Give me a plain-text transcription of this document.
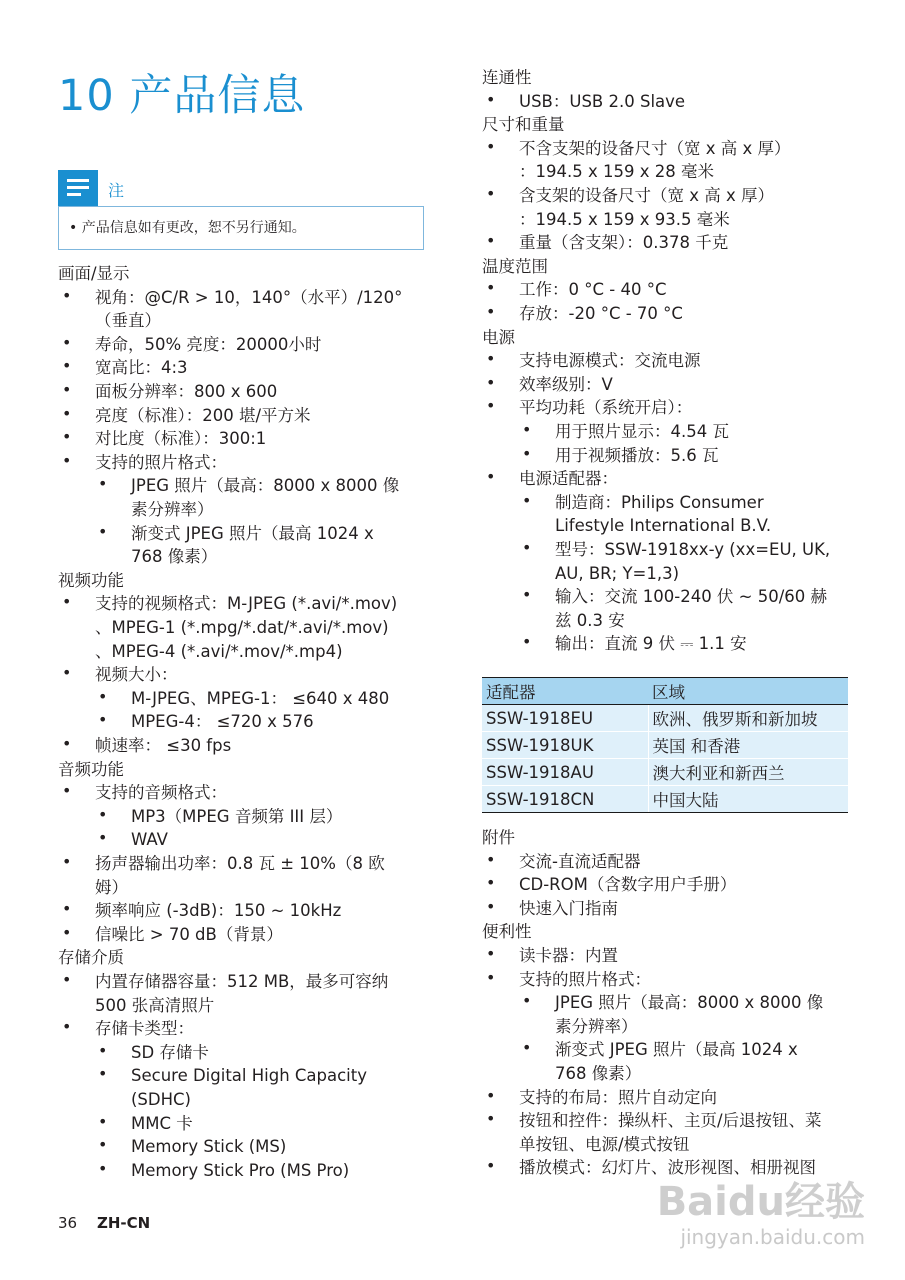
10 产品信息
注
• 产品信息如有更改，恕不另行通知。
画面/显示
• 视角：@C/R > 10，140°（水平）/120°
（垂直）
• 寿命，50% 亮度：20000小时
• 宽高比：4:3
• 面板分辨率：800 x 600
• 亮度（标准）：200 堪/平方米
• 对比度（标准）：300:1
• 支持的照片格式：
• JPEG 照片（最高：8000 x 8000 像
素分辨率）
• 渐变式 JPEG 照片（最高 1024 x
768 像素）
视频功能
• 支持的视频格式：M-JPEG (*.avi/*.mov)
、MPEG-1 (*.mpg/*.dat/*.avi/*.mov)
、MPEG-4 (*.avi/*.mov/*.mp4)
• 视频大小：
• M-JPEG、MPEG-1： ≤640 x 480
• MPEG-4： ≤720 x 576
• 帧速率： ≤30 fps
音频功能
• 支持的音频格式：
• MP3（MPEG 音频第 III 层）
• WAV
• 扬声器输出功率：0.8 瓦 ± 10%（8 欧
姆）
• 频率响应 (-3dB)：150 ~ 10kHz
• 信噪比 > 70 dB（背景）
存储介质
• 内置存储器容量：512 MB，最多可容纳
500 张高清照片
• 存储卡类型：
• SD 存储卡
• Secure Digital High Capacity
(SDHC)
• MMC 卡
• Memory Stick (MS)
• Memory Stick Pro (MS Pro)
连通性
• USB：USB 2.0 Slave
尺寸和重量
• 不含支架的设备尺寸（宽 x 高 x 厚）
：194.5 x 159 x 28 毫米
• 含支架的设备尺寸（宽 x 高 x 厚）
：194.5 x 159 x 93.5 毫米
• 重量（含支架）：0.378 千克
温度范围
• 工作：0 °C - 40 °C
• 存放：-20 °C - 70 °C
电源
• 支持电源模式：交流电源
• 效率级别：V
• 平均功耗（系统开启）：
• 用于照片显示：4.54 瓦
• 用于视频播放：5.6 瓦
• 电源适配器：
• 制造商：Philips Consumer
Lifestyle International B.V.
• 型号：SSW-1918xx-y (xx=EU, UK,
AU, BR; Y=1,3)
• 输入：交流 100-240 伏 ~ 50/60 赫
兹 0.3 安
• 输出：直流 9 伏 ⎓ 1.1 安
适配器	区域
SSW-1918EU	欧洲、俄罗斯和新加坡
SSW-1918UK	英国 和香港
SSW-1918AU	澳大利亚和新西兰
SSW-1918CN	中国大陆
附件
• 交流-直流适配器
• CD-ROM（含数字用户手册）
• 快速入门指南
便利性
• 读卡器：内置
• 支持的照片格式：
• JPEG 照片（最高：8000 x 8000 像
素分辨率）
• 渐变式 JPEG 照片（最高 1024 x
768 像素）
• 支持的布局：照片自动定向
• 按钮和控件：操纵杆、主页/后退按钮、菜
单按钮、电源/模式按钮
• 播放模式：幻灯片、波形视图、相册视图
36 ZH-CN	Baidu经验
jingyan.baidu.com
